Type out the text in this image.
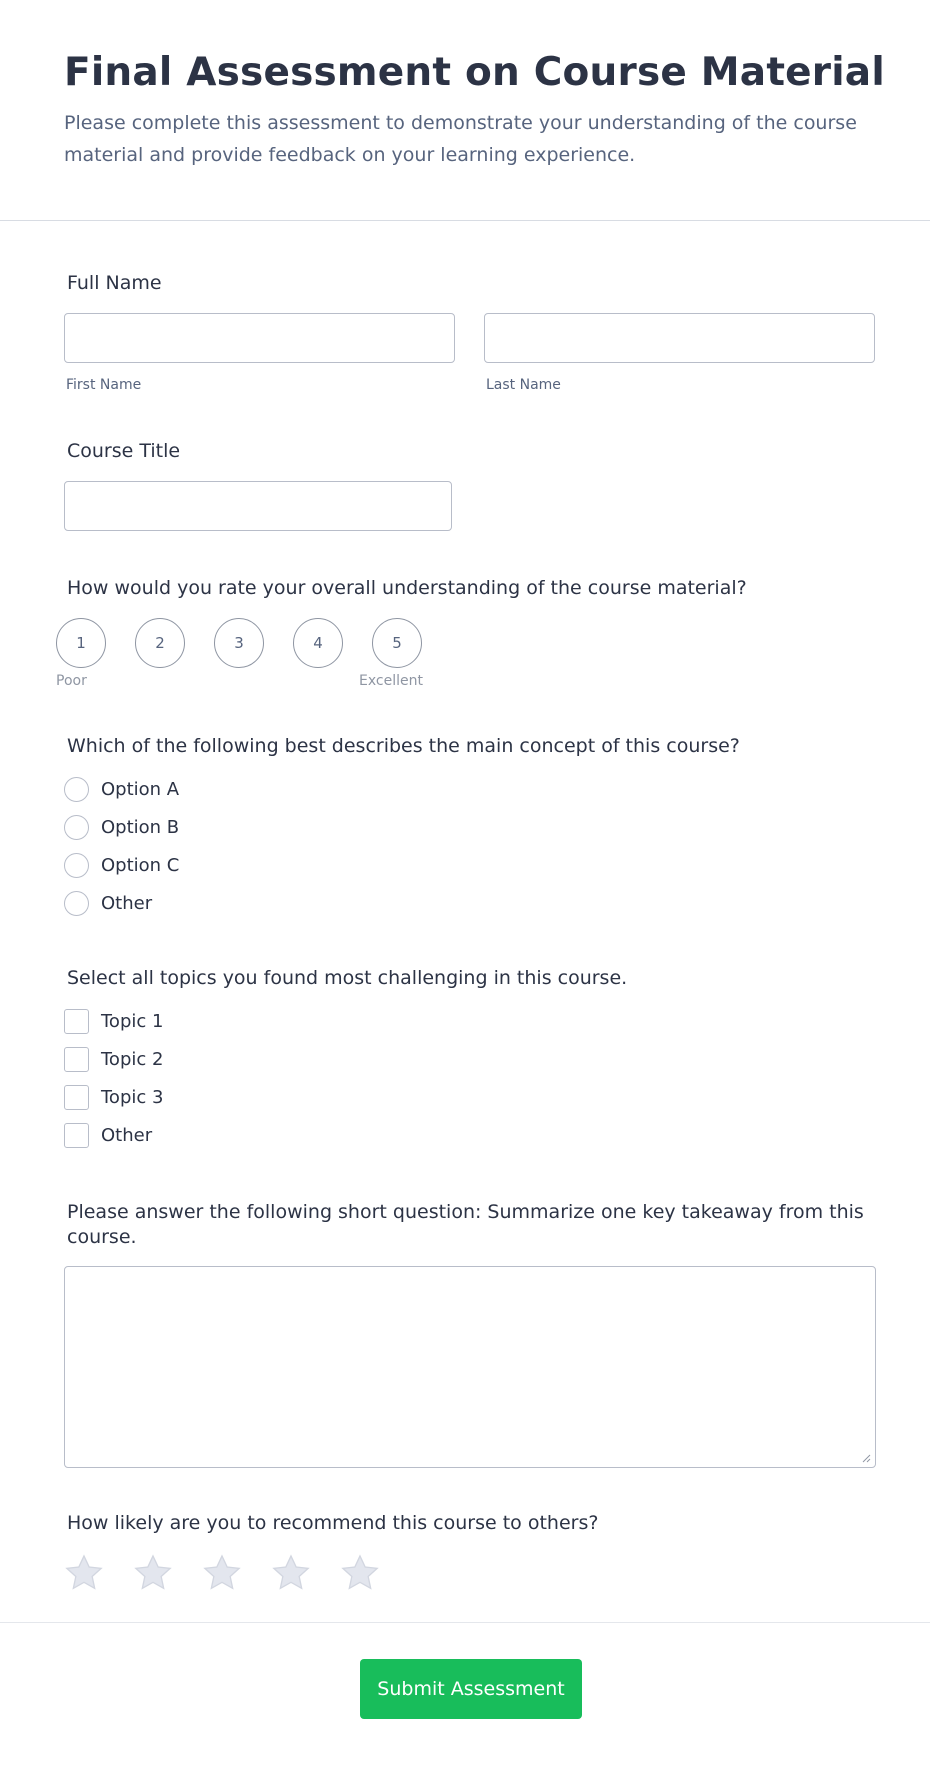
Final Assessment on Course Material

Please complete this assessment to demonstrate your understanding of the course material and provide feedback on your learning experience.

Full Name
First Name	Last Name
Course Title
How would you rate your overall understanding of the course material?
1	2	3	4	5
Poor	Excellent
Which of the following best describes the main concept of this course?
Option A
Option B
Option C
Other
Select all topics you found most challenging in this course.
Topic 1
Topic 2
Topic 3
Other
Please answer the following short question: Summarize one key takeaway from this course.
How likely are you to recommend this course to others?
Submit Assessment
